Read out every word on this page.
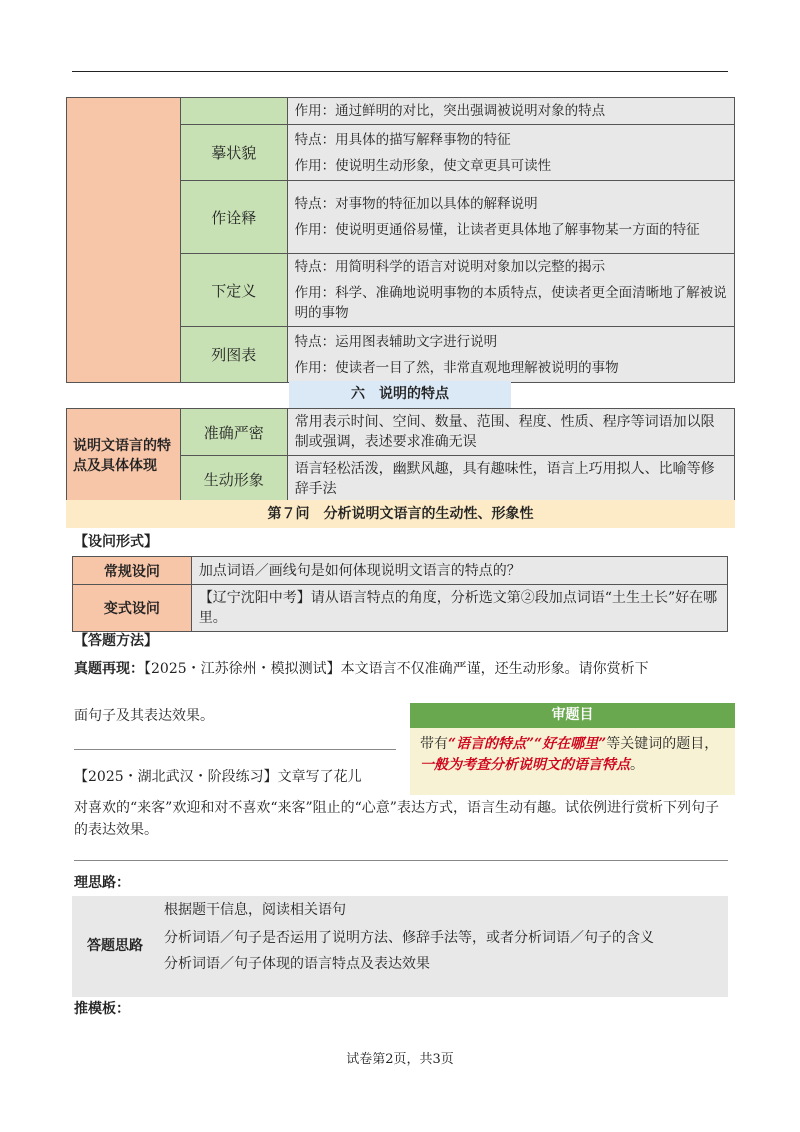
		作用：通过鲜明的对比，突出强调被说明对象的特点

	摹状貌	特点：用具体的描写解释事物的特征
作用：使说明生动形象，使文章更具可读性

	作诠释	特点：对事物的特征加以具体的解释说明
作用：使说明更通俗易懂，让读者更具体地了解事物某一方面的特征

	下定义	特点：用简明科学的语言对说明对象加以完整的揭示
作用：科学、准确地说明事物的本质特点，使读者更全面清晰地了解被说明的事物

	列图表	特点：运用图表辅助文字进行说明
作用：使读者一目了然，非常直观地理解被说明的事物
六　说明的特点
说明文语言的特点及具体体现	准确严密	常用表示时间、空间、数量、范围、程度、性质、程序等词语加以限制或强调，表述要求准确无误

	生动形象	语言轻松活泼，幽默风趣，具有趣味性，语言上巧用拟人、比喻等修辞手法
第７问　分析说明文语言的生动性、形象性
【设问形式】
常规设问	加点词语／画线句是如何体现说明文语言的特点的？

变式设问	【辽宁沈阳中考】请从语言特点的角度，分析选文第②段加点词语“土生土长”好在哪里。
【答题方法】
真题再现：【2025・江苏徐州・模拟测试】本文语言不仅准确严谨，还生动形象。请你赏析下
面句子及其表达效果。
【2025・湖北武汉・阶段练习】文章写了花儿
对喜欢的“来客”欢迎和对不喜欢“来客”阻止的“心意”表达方式，语言生动有趣。试依例进行赏析下列句子的表达效果。
审题目
带有“语言的特点”“好在哪里”等关键词的题目，一般为考查分析说明文的语言特点。
理思路：
答题思路
根据题干信息，阅读相关语句
分析词语／句子是否运用了说明方法、修辞手法等，或者分析词语／句子的含义
分析词语／句子体现的语言特点及表达效果
推模板：
试卷第2页，共3页
